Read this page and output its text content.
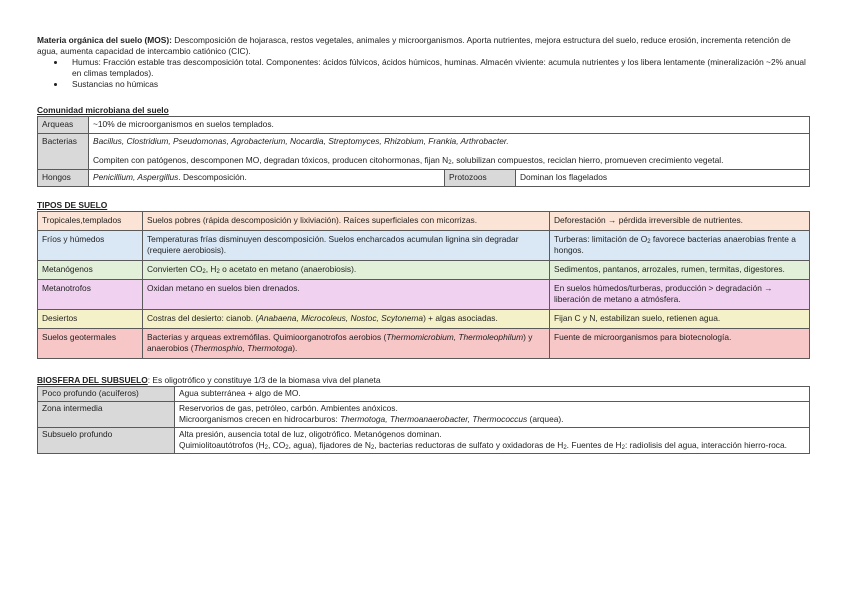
Materia orgánica del suelo (MOS): Descomposición de hojarasca, restos vegetales, animales y microorganismos. Aporta nutrientes, mejora estructura del suelo, reduce erosión, incrementa retención de agua, aumenta capacidad de intercambio catiónico (CIC).

• Humus: Fracción estable tras descomposición total. Componentes: ácidos fúlvicos, ácidos húmicos, huminas. Almacén viviente: acumula nutrientes y los libera lentamente (mineralización ~2% anual en climas templados).
• Sustancias no húmicas
Comunidad microbiana del suelo
Arqueas	~10% de microorganismos en suelos templados.		
Bacterias	Bacillus, Clostridium, Pseudomonas, Agrobacterium, Nocardia, Streptomyces, Rhizobium, Frankia, Arthrobacter.

Compiten con patógenos, descomponen MO, degradan tóxicos, producen citohormonas, fijan $N_2$, solubilizan compuestos, reciclan hierro, promueven crecimiento vegetal.		

Hongos	Penicillium, Aspergillus. Descomposición.	Protozoos	Dominan los flagelados
TIPOS DE SUELO
Tropicales,templados	Suelos pobres (rápida descomposición y lixiviación). Raíces superficiales con micorrizas.	Deforestación → pérdida irreversible de nutrientes.
Fríos y húmedos	Temperaturas frías disminuyen descomposición. Suelos encharcados acumulan lignina sin degradar (requiere aerobiosis).	Turberas: limitación de $O_2$ favorece bacterias anaerobias frente a hongos.
Metanógenos	Convierten $CO_2$, $H_2$ o acetato en metano (anaerobiosis).	Sedimentos, pantanos, arrozales, rumen, termitas, digestores.
Metanotrofos	Oxidan metano en suelos bien drenados.	En suelos húmedos/turberas, producción > degradación → liberación de metano a atmósfera.
Desiertos	Costras del desierto: cianob. (Anabaena, Microcoleus, Nostoc, Scytonema) + algas asociadas.	Fijan C y N, estabilizan suelo, retienen agua.
Suelos geotermales	Bacterias y arqueas extremófilas. Quimioorganotrofos aerobios (Thermomicrobium, Thermoleophilum) y anaerobios (Thermosphio, Thermotoga).	Fuente de microorganismos para biotecnología.

BIOSFERA DEL SUBSUELO: Es oligotrófico y constituye 1/3 de la biomasa viva del planeta

Poco profundo (acuíferos)	Agua subterránea + algo de MO.
Zona intermedia	Reservorios de gas, petróleo, carbón. Ambientes anóxicos.

Microorganismos crecen en hidrocarburos: Thermotoga, Thermoanaerobacter, Thermococcus (arquea).

Subsuelo profundo	Alta presión, ausencia total de luz, oligotrófico. Metanógenos dominan.

Quimiolitoautótrofos ($H_2$, $CO_2$, agua), fijadores de $N_2$, bacterias reductoras de sulfato y oxidadoras de $H_2$. Fuentes de $H_2$: radiolisis del agua, interacción hierro-roca.
